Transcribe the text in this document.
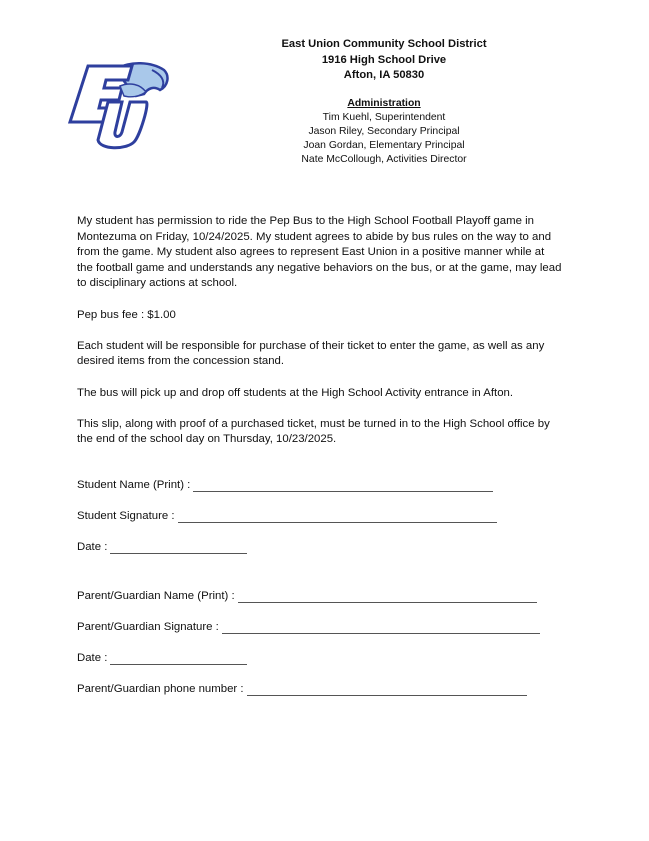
East Union Community School District
1916 High School Drive
Afton, IA 50830
Administration
Tim Kuehl, Superintendent
Jason Riley, Secondary Principal
Joan Gordan, Elementary Principal
Nate McCollough, Activities Director
My student has permission to ride the Pep Bus to the High School Football Playoff game in
Montezuma on Friday, 10/24/2025. My student agrees to abide by bus rules on the way to and
from the game. My student also agrees to represent East Union in a positive manner while at
the football game and understands any negative behaviors on the bus, or at the game, may lead
to disciplinary actions at school.
Pep bus fee : $1.00
Each student will be responsible for purchase of their ticket to enter the game, as well as any
desired items from the concession stand.
The bus will pick up and drop off students at the High School Activity entrance in Afton.
This slip, along with proof of a purchased ticket, must be turned in to the High School office by
the end of the school day on Thursday, 10/23/2025.
Student Name (Print) :
Student Signature :
Date :
Parent/Guardian Name (Print) :
Parent/Guardian Signature :
Date :
Parent/Guardian phone number :
